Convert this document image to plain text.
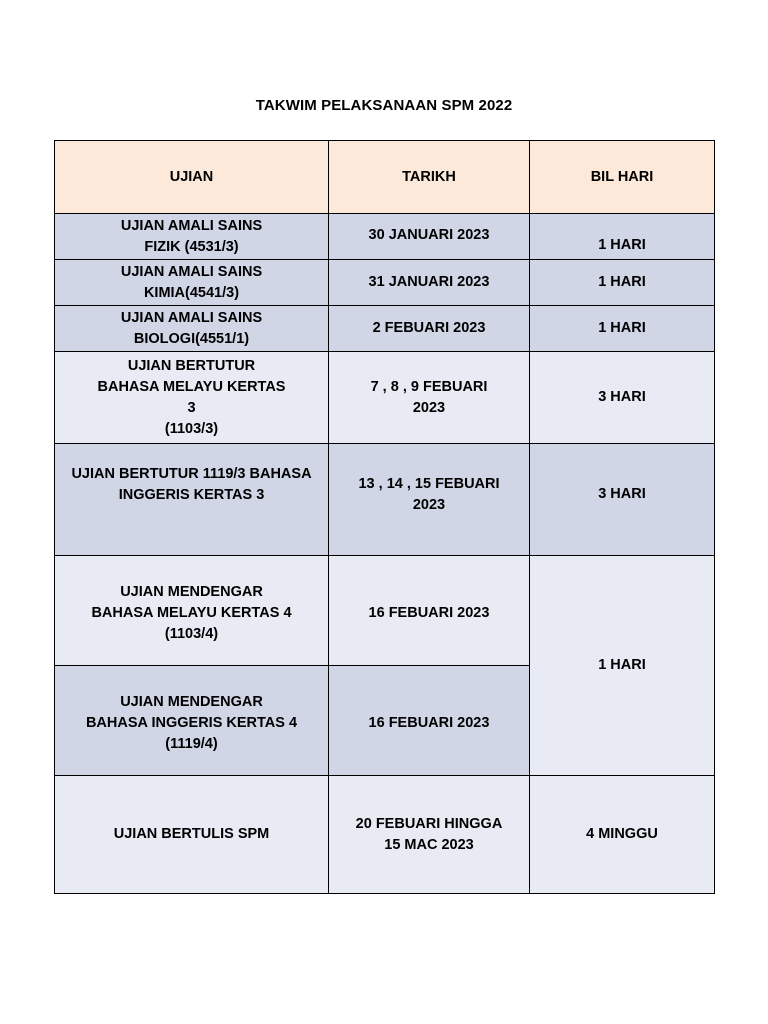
TAKWIM PELAKSANAAN SPM 2022
UJIAN	TARIKH	BIL HARI
UJIAN AMALI SAINS
FIZIK (4531/3)	30 JANUARI 2023	1 HARI
UJIAN AMALI SAINS
KIMIA(4541/3)	31 JANUARI 2023	1 HARI
UJIAN AMALI SAINS
BIOLOGI(4551/1)	2 FEBUARI 2023	1 HARI
UJIAN BERTUTUR
BAHASA MELAYU KERTAS
3
(1103/3)	7 , 8 , 9 FEBUARI
2023	3 HARI
UJIAN BERTUTUR 1119/3 BAHASA
INGGERIS KERTAS 3	13 , 14 , 15 FEBUARI
2023	3 HARI
UJIAN MENDENGAR
BAHASA MELAYU KERTAS 4
(1103/4)	16 FEBUARI 2023	1 HARI
UJIAN MENDENGAR
BAHASA INGGERIS KERTAS 4
(1119/4)	16 FEBUARI 2023	
UJIAN BERTULIS SPM	20 FEBUARI HINGGA
15 MAC 2023	4 MINGGU
